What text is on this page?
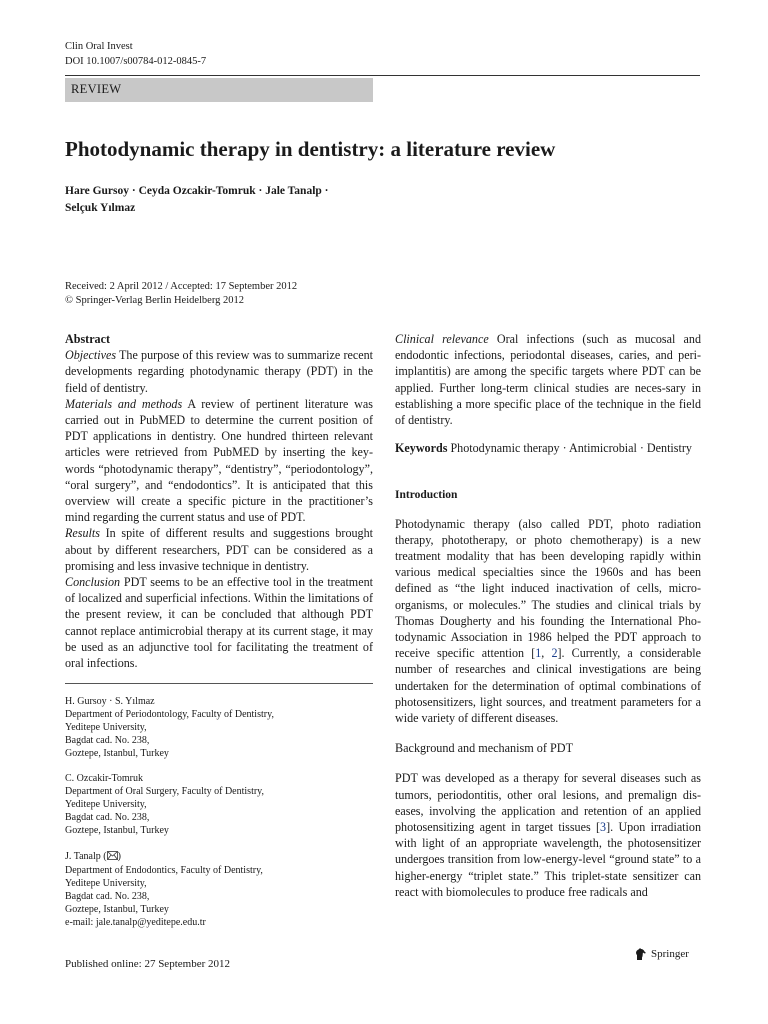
Clin Oral Invest
DOI 10.1007/s00784-012-0845-7
REVIEW
Photodynamic therapy in dentistry: a literature review
Hare Gursoy · Ceyda Ozcakir-Tomruk · Jale Tanalp ·
Selçuk Yılmaz
Received: 2 April 2012 / Accepted: 17 September 2012
© Springer-Verlag Berlin Heidelberg 2012
Abstract
Objectives The purpose of this review was to summarize recent developments regarding photodynamic therapy (PDT) in the field of dentistry.
Materials and methods A review of pertinent literature was carried out in PubMED to determine the current position of PDT applications in dentistry. One hundred thirteen relevant articles were retrieved from PubMED by inserting the key-words “photodynamic therapy”, “dentistry”, “periodontology”, “oral surgery”, and “endodontics”. It is anticipated that this overview will create a specific picture in the practitioner’s mind regarding the current status and use of PDT.
Results In spite of different results and suggestions brought about by different researchers, PDT can be considered as a promising and less invasive technique in dentistry.
Conclusion PDT seems to be an effective tool in the treatment of localized and superficial infections. Within the limitations of the present review, it can be concluded that although PDT cannot replace antimicrobial therapy at its current stage, it may be used as an adjunctive tool for facilitating the treatment of oral infections.
H. Gursoy · S. Yılmaz
Department of Periodontology, Faculty of Dentistry,
Yeditepe University,
Bagdat cad. No. 238,
Goztepe, Istanbul, Turkey
C. Ozcakir-Tomruk
Department of Oral Surgery, Faculty of Dentistry,
Yeditepe University,
Bagdat cad. No. 238,
Goztepe, Istanbul, Turkey
J. Tanalp ( )
Department of Endodontics, Faculty of Dentistry,
Yeditepe University,
Bagdat cad. No. 238,
Goztepe, Istanbul, Turkey
e-mail: jale.tanalp@yeditepe.edu.tr
Clinical relevance Oral infections (such as mucosal and endodontic infections, periodontal diseases, caries, and peri-implantitis) are among the specific targets where PDT can be applied. Further long-term clinical studies are neces-sary in establishing a more specific place of the technique in the field of dentistry.
Keywords Photodynamic therapy · Antimicrobial · Dentistry
Introduction
Photodynamic therapy (also called PDT, photo radiation therapy, phototherapy, or photo chemotherapy) is a new treatment modality that has been developing rapidly within various medical specialties since the 1960s and has been defined as “the light induced inactivation of cells, micro-organisms, or molecules.” The studies and clinical trials by Thomas Dougherty and his founding the International Pho-todynamic Association in 1986 helped the PDT approach to receive specific attention [1, 2]. Currently, a considerable number of researches and clinical investigations are being undertaken for the determination of optimal combinations of photosensitizers, light sources, and treatment parameters for a wide variety of different diseases.
Background and mechanism of PDT
PDT was developed as a therapy for several diseases such as tumors, periodontitis, other oral lesions, and premalign dis-eases, involving the application and retention of an applied photosensitizing agent in target tissues [3]. Upon irradiation with light of an appropriate wavelength, the photosensitizer undergoes transition from low-energy-level “ground state” to a higher-energy “triplet state.” This triplet-state sensitizer can react with biomolecules to produce free radicals and
Published online: 27 September 2012
Springer
